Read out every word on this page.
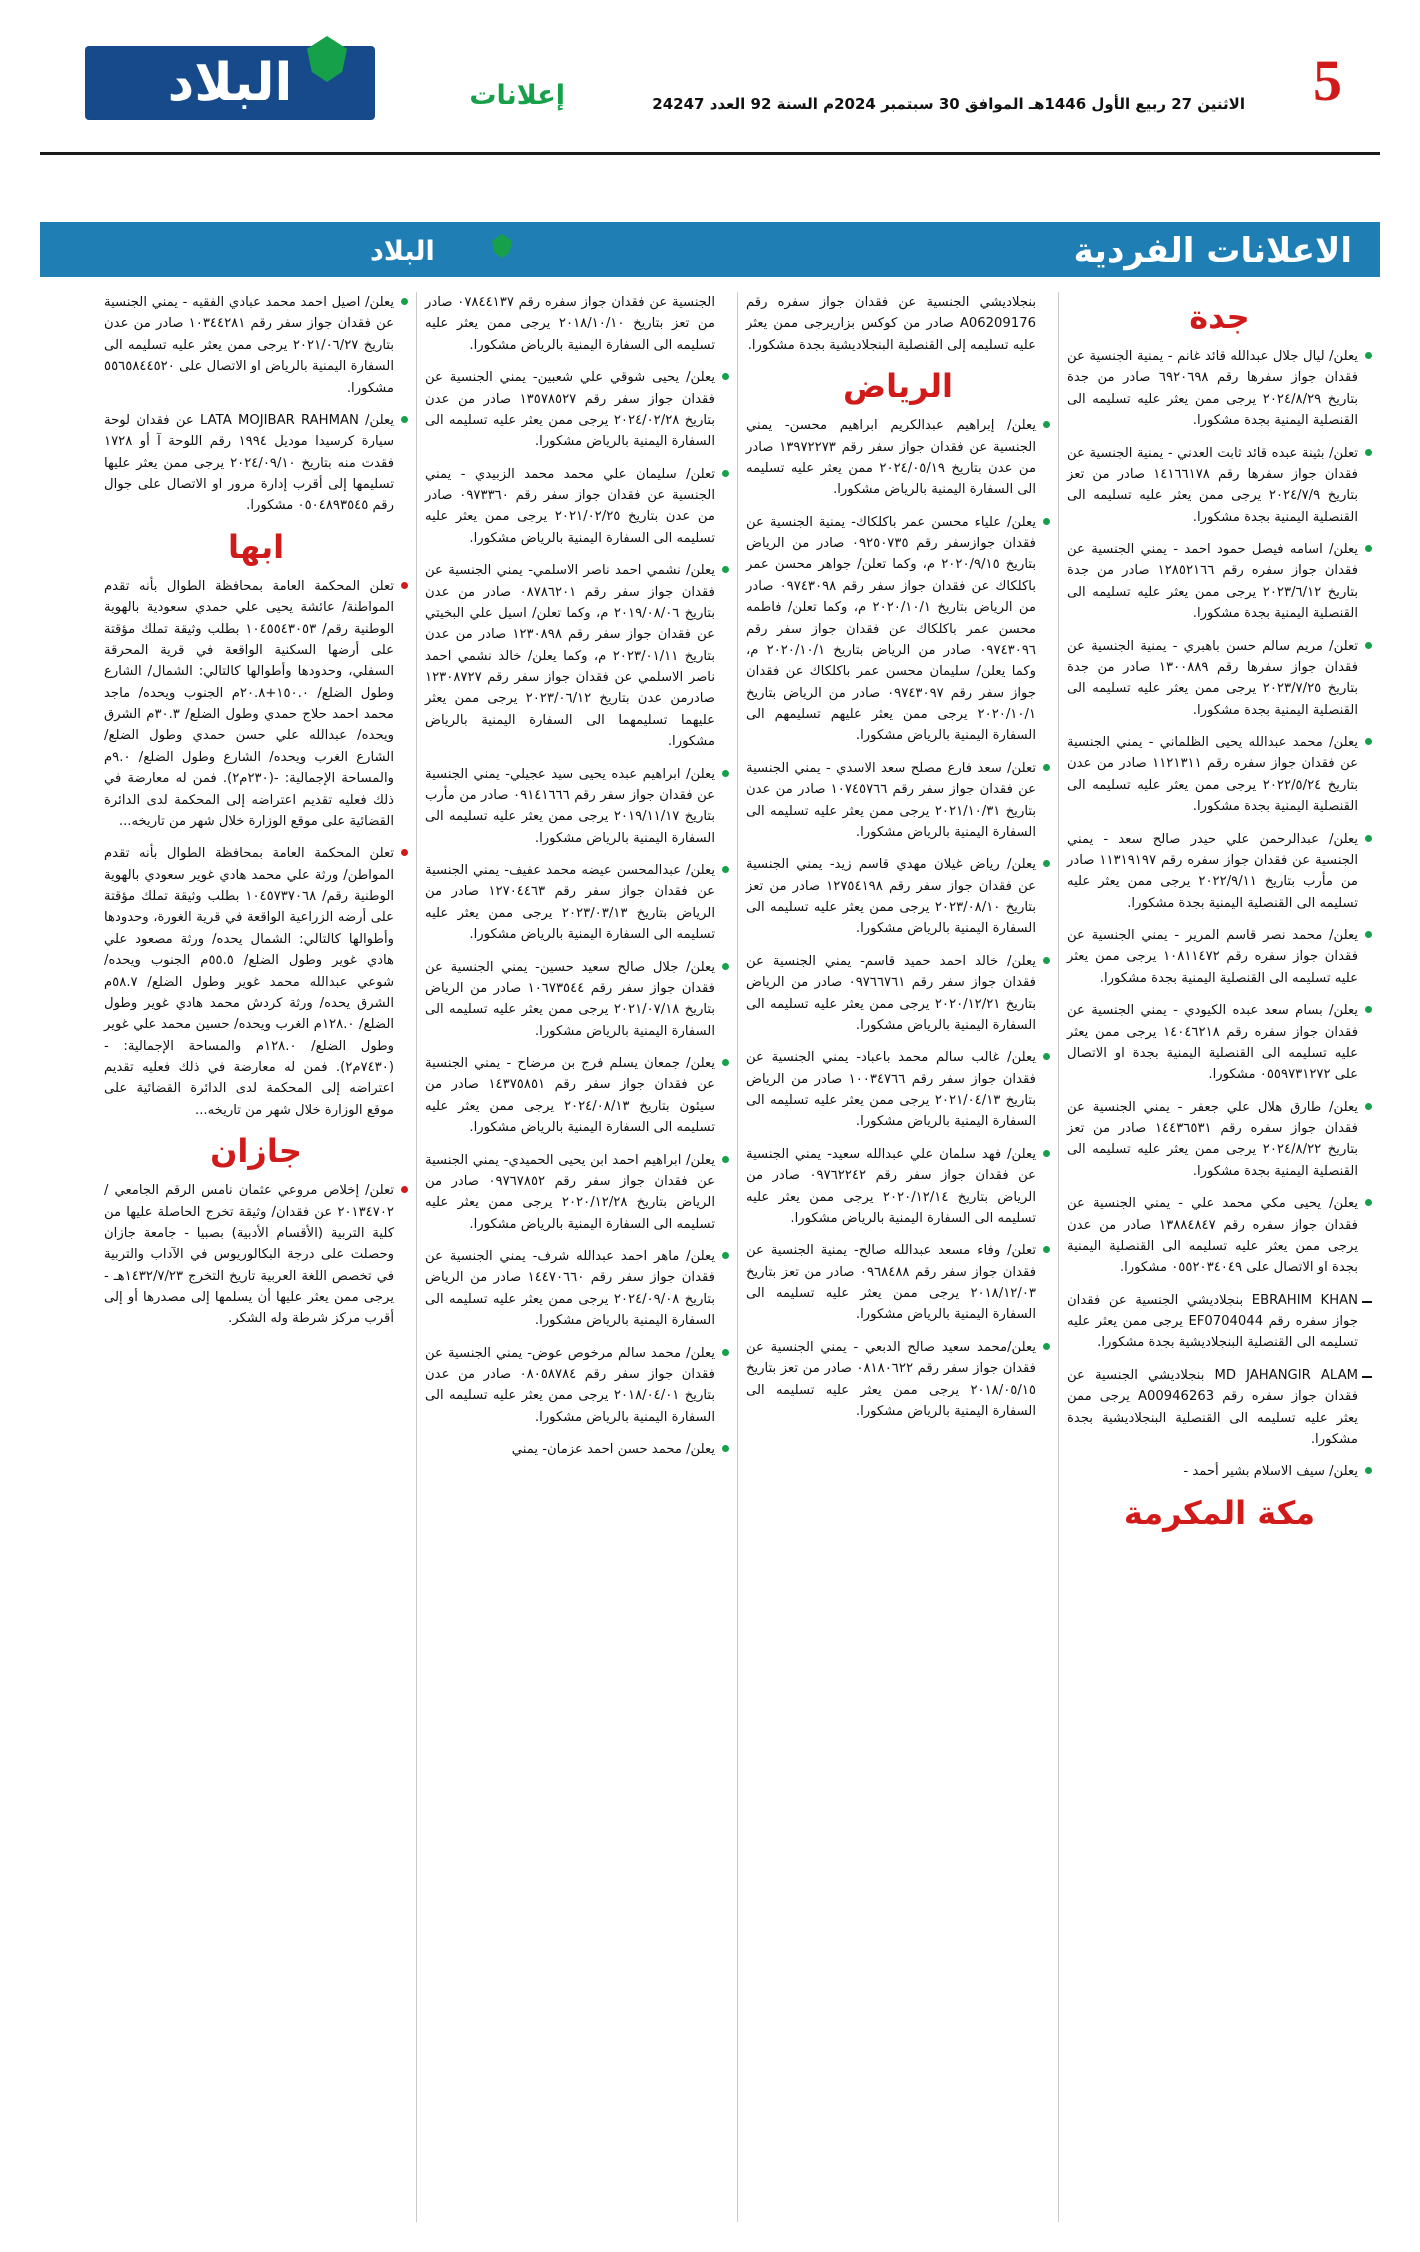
5
الاثنين 27 ربيع الأول 1446هـ الموافق 30 سبتمبر 2024م السنة 92 العدد 24247
إعلانات
البلاد
الاعلانات الفردية
البلاد
جدة
يعلن/ ليال جلال عبدالله قائد غانم - يمنية الجنسية عن فقدان جواز سفرها رقم ٦٩٢٠٦٩٨ صادر من جدة بتاريخ ٢٠٢٤/٨/٢٩ يرجى ممن يعثر عليه تسليمه الى القنصلية اليمنية بجدة مشكورا.
تعلن/ بثينة عبده قائد ثابت العدني - يمنية الجنسية عن فقدان جواز سفرها رقم ١٤١٦٦١٧٨ صادر من تعز بتاريخ ٢٠٢٤/٧/٩ يرجى ممن يعثر عليه تسليمه الى القنصلية اليمنية بجدة مشكورا.
يعلن/ اسامه فيصل حمود احمد - يمني الجنسية عن فقدان جواز سفره رقم ١٢٨٥٢١٦٦ صادر من جدة بتاريخ ٢٠٢٣/٦/١٢ يرجى ممن يعثر عليه تسليمه الى القنصلية اليمنية بجدة مشكورا.
تعلن/ مريم سالم حسن باهبري - يمنية الجنسية عن فقدان جواز سفرها رقم ١٣٠٠٨٨٩ صادر من جدة بتاريخ ٢٠٢٣/٧/٢٥ يرجى ممن يعثر عليه تسليمه الى القنصلية اليمنية بجدة مشكورا.
يعلن/ محمد عبدالله يحيى الظلماني - يمني الجنسية عن فقدان جواز سفره رقم ١١٢١٣١١ صادر من عدن بتاريخ ٢٠٢٢/٥/٢٤ يرجى ممن يعثر عليه تسليمه الى القنصلية اليمنية بجدة مشكورا.
يعلن/ عبدالرحمن علي حيدر صالح سعد - يمني الجنسية عن فقدان جواز سفره رقم ١١٣١٩١٩٧ صادر من مأرب بتاريخ ٢٠٢٢/٩/١١ يرجى ممن يعثر عليه تسليمه الى القنصلية اليمنية بجدة مشكورا.
يعلن/ محمد نصر قاسم المرير - يمني الجنسية عن فقدان جواز سفره رقم ١٠٨١١٤٧٢ يرجى ممن يعثر عليه تسليمه الى القنصلية اليمنية بجدة مشكورا.
يعلن/ بسام سعد عبده الكيودي - يمني الجنسية عن فقدان جواز سفره رقم ١٤٠٤٦٢١٨ يرجى ممن يعثر عليه تسليمه الى القنصلية اليمنية بجدة او الاتصال على ٠٥٥٩٧٣١٢٧٢ مشكورا.
يعلن/ طارق هلال علي جعفر - يمني الجنسية عن فقدان جواز سفره رقم ١٤٤٣٦٥٣١ صادر من تعز بتاريخ ٢٠٢٤/٨/٢٢ يرجى ممن يعثر عليه تسليمه الى القنصلية اليمنية بجدة مشكورا.
يعلن/ يحيى مكي محمد علي - يمني الجنسية عن فقدان جواز سفره رقم ١٣٨٨٤٨٤٧ صادر من عدن يرجى ممن يعثر عليه تسليمه الى القنصلية اليمنية بجدة او الاتصال على ٠٥٥٢٠٣٤٠٤٩ مشكورا.
EBRAHIM KHAN بنجلاديشي الجنسية عن فقدان جواز سفره رقم EF0704044 يرجى ممن يعثر عليه تسليمه الى القنصلية البنجلاديشية بجدة مشكورا.
MD JAHANGIR ALAM بنجلاديشي الجنسية عن فقدان جواز سفره رقم A00946263 يرجى ممن يعثر عليه تسليمه الى القنصلية البنجلاديشية بجدة مشكورا.
يعلن/ سيف الاسلام بشير أحمد -
مكة المكرمة
بنجلاديشي الجنسية عن فقدان جواز سفره رقم A06209176 صادر من كوكس بزاريرجى ممن يعثر عليه تسليمه إلى القنصلية البنجلاديشية بجدة مشكورا.
الرياض
يعلن/ إبراهيم عبدالكريم ابراهيم محسن- يمني الجنسية عن فقدان جواز سفر رقم ١٣٩٧٢٢٧٣ صادر من عدن بتاريخ ٢٠٢٤/٠٥/١٩ ممن يعثر عليه تسليمه الى السفارة اليمنية بالرياض مشكورا.
يعلن/ علياء محسن عمر باكلكاك- يمنية الجنسية عن فقدان جوازسفر رقم ٠٩٢٥٠٧٣٥ صادر من الرياض بتاريخ ٢٠٢٠/٩/١٥ م، وكما تعلن/ جواهر محسن عمر باكلكاك عن فقدان جواز سفر رقم ٠٩٧٤٣٠٩٨ صادر من الرياض بتاريخ ٢٠٢٠/١٠/١ م، وكما تعلن/ فاطمه محسن عمر باكلكاك عن فقدان جواز سفر رقم ٠٩٧٤٣٠٩٦ صادر من الرياض بتاريخ ٢٠٢٠/١٠/١ م، وكما يعلن/ سليمان محسن عمر باكلكاك عن فقدان جواز سفر رقم ٠٩٧٤٣٠٩٧ صادر من الرياض بتاريخ ٢٠٢٠/١٠/١ يرجى ممن يعثر عليهم تسليمهم الى السفارة اليمنية بالرياض مشكورا.
تعلن/ سعد فارع مصلح سعد الاسدي - يمني الجنسية عن فقدان جواز سفر رقم ١٠٧٤٥٧٦٦ صادر من عدن بتاريخ ٢٠٢١/١٠/٣١ يرجى ممن يعثر عليه تسليمه الى السفارة اليمنية بالرياض مشكورا.
يعلن/ رياض غيلان مهدي قاسم زيد- يمني الجنسية عن فقدان جواز سفر رقم ١٢٧٥٤١٩٨ صادر من تعز بتاريخ ٢٠٢٣/٠٨/١٠ يرجى ممن يعثر عليه تسليمه الى السفارة اليمنية بالرياض مشكورا.
يعلن/ خالد احمد حميد قاسم- يمني الجنسية عن فقدان جواز سفر رقم ٠٩٧٦٦٧٦١ صادر من الرياض بتاريخ ٢٠٢٠/١٢/٢١ يرجى ممن يعثر عليه تسليمه الى السفارة اليمنية بالرياض مشكورا.
يعلن/ غالب سالم محمد باعباد- يمني الجنسية عن فقدان جواز سفر رقم ١٠٠٣٤٧٦٦ صادر من الرياض بتاريخ ٢٠٢١/٠٤/١٣ يرجى ممن يعثر عليه تسليمه الى السفارة اليمنية بالرياض مشكورا.
يعلن/ فهد سلمان علي عبدالله سعيد- يمني الجنسية عن فقدان جواز سفر رقم ٠٩٧٦٢٢٤٢ صادر من الرياض بتاريخ ٢٠٢٠/١٢/١٤ يرجى ممن يعثر عليه تسليمه الى السفارة اليمنية بالرياض مشكورا.
تعلن/ وفاء مسعد عبدالله صالح- يمنية الجنسية عن فقدان جواز سفر رقم ٠٩٦٨٤٨٨ صادر من تعز بتاريخ ٢٠١٨/١٢/٠٣ يرجى ممن يعثر عليه تسليمه الى السفارة اليمنية بالرياض مشكورا.
يعلن/محمد سعيد صالح الدبعي - يمني الجنسية عن فقدان جواز سفر رقم ٠٨١٨٠٦٢٢ صادر من تعز بتاريخ ٢٠١٨/٠٥/١٥ يرجى ممن يعثر عليه تسليمه الى السفارة اليمنية بالرياض مشكورا.
الجنسية عن فقدان جواز سفره رقم ٠٧٨٤٤١٣٧ صادر من تعز بتاريخ ٢٠١٨/١٠/١٠ يرجى ممن يعثر عليه تسليمه الى السفارة اليمنية بالرياض مشكورا.
يعلن/ يحيى شوقي علي شعبين- يمني الجنسية عن فقدان جواز سفر رقم ١٣٥٧٨٥٢٧ صادر من عدن بتاريخ ٢٠٢٤/٠٢/٢٨ يرجى ممن يعثر عليه تسليمه الى السفارة اليمنية بالرياض مشكورا.
تعلن/ سليمان علي محمد محمد الزبيدي - يمني الجنسية عن فقدان جواز سفر رقم ٠٩٧٣٣٦٠ صادر من عدن بتاريخ ٢٠٢١/٠٢/٢٥ يرجى ممن يعثر عليه تسليمه الى السفارة اليمنية بالرياض مشكورا.
يعلن/ نشمي احمد ناصر الاسلمي- يمني الجنسية عن فقدان جواز سفر رقم ٠٨٧٨٦٢٠١ صادر من عدن بتاريخ ٢٠١٩/٠٨/٠٦ م، وكما تعلن/ اسيل علي البخيتي عن فقدان جواز سفر رقم ١٢٣٠٨٩٨ صادر من عدن بتاريخ ٢٠٢٣/٠١/١١ م، وكما يعلن/ خالد نشمي احمد ناصر الاسلمي عن فقدان جواز سفر رقم ١٢٣٠٨٧٢٧ صادرمن عدن بتاريخ ٢٠٢٣/٠٦/١٢ يرجى ممن يعثر عليهما تسليمهما الى السفارة اليمنية بالرياض مشكورا.
يعلن/ ابراهيم عبده يحيى سيد عجيلي- يمني الجنسية عن فقدان جواز سفر رقم ٠٩١٤١٦٦٦ صادر من مأرب بتاريخ ٢٠١٩/١١/١٧ يرجى ممن يعثر عليه تسليمه الى السفارة اليمنية بالرياض مشكورا.
يعلن/ عبدالمحسن عيضه محمد عفيف- يمني الجنسية عن فقدان جواز سفر رقم ١٢٧٠٤٤٦٣ صادر من الرياض بتاريخ ٢٠٢٣/٠٣/١٣ يرجى ممن يعثر عليه تسليمه الى السفارة اليمنية بالرياض مشكورا.
يعلن/ جلال صالح سعيد حسين- يمني الجنسية عن فقدان جواز سفر رقم ١٠٦٧٣٥٤٤ صادر من الرياض بتاريخ ٢٠٢١/٠٧/١٨ يرجى ممن يعثر عليه تسليمه الى السفارة اليمنية بالرياض مشكورا.
يعلن/ جمعان يسلم فرج بن مرضاح - يمني الجنسية عن فقدان جواز سفر رقم ١٤٣٧٥٨٥١ صادر من سيئون بتاريخ ٢٠٢٤/٠٨/١٣ يرجى ممن يعثر عليه تسليمه الى السفارة اليمنية بالرياض مشكورا.
يعلن/ ابراهيم احمد ابن يحيى الحميدي- يمني الجنسية عن فقدان جواز سفر رقم ٠٩٧٦٧٨٥٢ صادر من الرياض بتاريخ ٢٠٢٠/١٢/٢٨ يرجى ممن يعثر عليه تسليمه الى السفارة اليمنية بالرياض مشكورا.
يعلن/ ماهر احمد عبدالله شرف- يمني الجنسية عن فقدان جواز سفر رقم ١٤٤٧٠٦٦٠ صادر من الرياض بتاريخ ٢٠٢٤/٠٩/٠٨ يرجى ممن يعثر عليه تسليمه الى السفارة اليمنية بالرياض مشكورا.
يعلن/ محمد سالم مرخوص عوض- يمني الجنسية عن فقدان جواز سفر رقم ٠٨٠٥٨٧٨٤ صادر من عدن بتاريخ ٢٠١٨/٠٤/٠١ يرجى ممن يعثر عليه تسليمه الى السفارة اليمنية بالرياض مشكورا.
يعلن/ محمد حسن احمد عزمان- يمني
يعلن/ اصيل احمد محمد عبادي الفقيه - يمني الجنسية عن فقدان جواز سفر رقم ١٠٣٤٤٢٨١ صادر من عدن بتاريخ ٢٠٢١/٠٦/٢٧ يرجى ممن يعثر عليه تسليمه الى السفارة اليمنية بالرياض او الاتصال على ٥٥٦٥٨٤٤٥٢٠ مشكورا.
يعلن/ LATA MOJIBAR RAHMAN عن فقدان لوحة سيارة كرسيدا موديل ١٩٩٤ رقم اللوحة آ أو ١٧٢٨ فقدت منه بتاريخ ٢٠٢٤/٠٩/١٠ يرجى ممن يعثر عليها تسليمها إلى أقرب إدارة مرور او الاتصال على جوال رقم ٠٥٠٤٨٩٣٥٤٥ مشكورا.
ابها
تعلن المحكمة العامة بمحافظة الطوال بأنه تقدم المواطنة/ عائشة يحيى علي حمدي سعودية بالهوية الوطنية رقم/ ١٠٤٥٥٤٣٠٥٣ بطلب وثيقة تملك مؤقتة على أرضها السكنية الواقعة في قرية المحرقة السفلي، وحدودها وأطوالها كالتالي: الشمال/ الشارع وطول الضلع/ ١٥٠.٠+٢٠.٨م الجنوب ويحده/ ماجد محمد احمد حلاج حمدي وطول الضلع/ ٣٠.٣م الشرق ويحده/ عبدالله علي حسن حمدي وطول الضلع/ الشارع الغرب ويحده/ الشارع وطول الضلع/ ٩.٠م والمساحة الإجمالية: -(٢٣٠م٢). فمن له معارضة في ذلك فعليه تقديم اعتراضه إلى المحكمة لدى الدائرة القضائية على موقع الوزارة خلال شهر من تاريخه...
تعلن المحكمة العامة بمحافظة الطوال بأنه تقدم المواطن/ ورثة علي محمد هادي غوير سعودي بالهوية الوطنية رقم/ ١٠٤٥٧٣٧٠٦٨ بطلب وثيقة تملك مؤقتة على أرضه الزراعية الواقعة في قرية الغورة، وحدودها وأطوالها كالتالي: الشمال يحده/ ورثة مصعود علي هادي غوير وطول الضلع/ ٥٥.٥م الجنوب ويحده/ شوعي عبدالله محمد غوير وطول الضلع/ ٥٨.٧م الشرق يحده/ ورثة كردش محمد هادي غوير وطول الضلع/ ١٢٨.٠م الغرب ويحده/ حسين محمد علي غوير وطول الضلع/ ١٢٨.٠م والمساحة الإجمالية: -(٧٤٣٠م٢). فمن له معارضة في ذلك فعليه تقديم اعتراضه إلى المحكمة لدى الدائرة القضائية على موقع الوزارة خلال شهر من تاريخه...
جازان
تعلن/ إخلاص مروعي عثمان نامس الرقم الجامعي /٢٠١٣٤٧٠٢ عن فقدان/ وثيقة تخرج الحاصلة عليها من كلية التربية (الأقسام الأدبية) بصبيا - جامعة جازان وحصلت على درجة البكالوريوس في الآداب والتربية في تخصص اللغة العربية تاريخ التخرج ١٤٣٢/٧/٢٣هـ - يرجى ممن يعثر عليها أن يسلمها إلى مصدرها أو إلى أقرب مركز شرطة وله الشكر.
